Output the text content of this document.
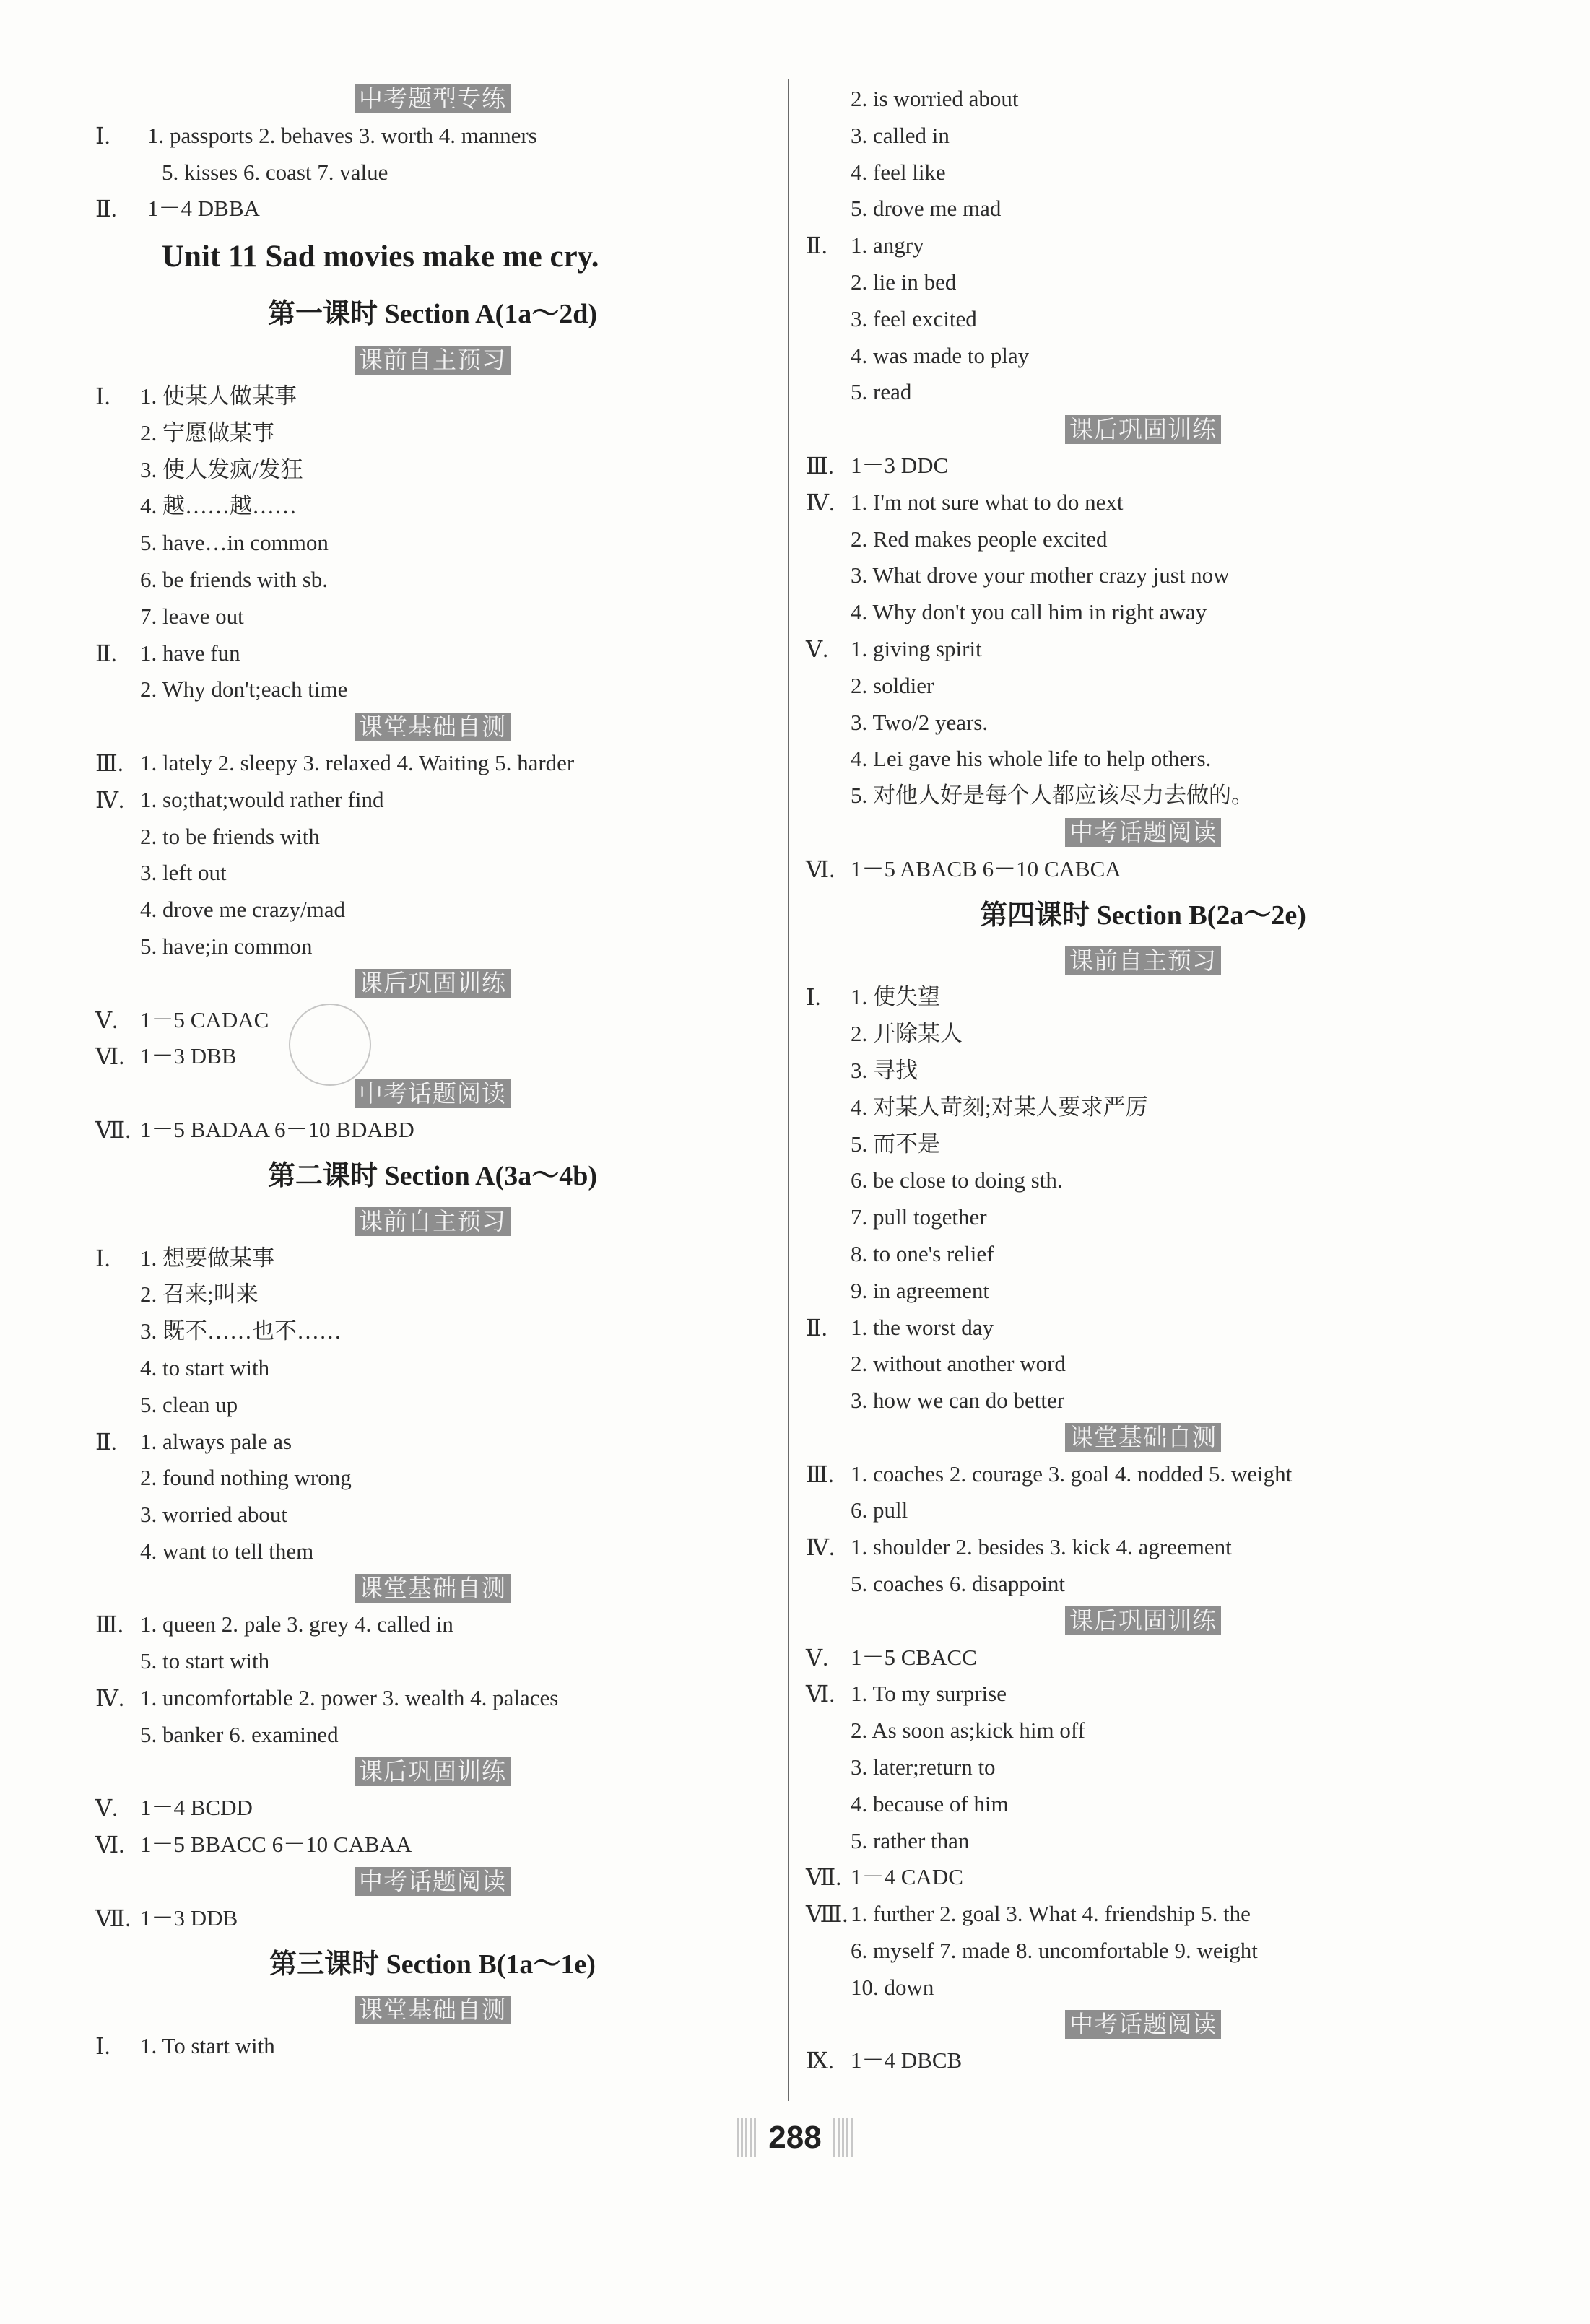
中考题型专练
Ⅰ. 1. passports 2. behaves 3. worth 4. manners
5. kisses 6. coast 7. value
Ⅱ. 1－4 DBBA
Unit 11 Sad movies make me cry.
第一课时 Section A(1a～2d)
课前自主预习
Ⅰ. 1. 使某人做某事
2. 宁愿做某事
3. 使人发疯/发狂
4. 越……越……
5. have…in common
6. be friends with sb.
7. leave out
Ⅱ. 1. have fun
2. Why don't;each time
课堂基础自测
Ⅲ. 1. lately 2. sleepy 3. relaxed 4. Waiting 5. harder
Ⅳ. 1. so;that;would rather find
2. to be friends with
3. left out
4. drove me crazy/mad
5. have;in common
课后巩固训练
Ⅴ. 1－5 CADAC
Ⅵ. 1－3 DBB
中考话题阅读
Ⅶ. 1－5 BADAA 6－10 BDABD
第二课时 Section A(3a～4b)
课前自主预习
Ⅰ. 1. 想要做某事
2. 召来;叫来
3. 既不……也不……
4. to start with
5. clean up
Ⅱ. 1. always pale as
2. found nothing wrong
3. worried about
4. want to tell them
课堂基础自测
Ⅲ. 1. queen 2. pale 3. grey 4. called in
5. to start with
Ⅳ. 1. uncomfortable 2. power 3. wealth 4. palaces
5. banker 6. examined
课后巩固训练
Ⅴ. 1－4 BCDD
Ⅵ. 1－5 BBACC 6－10 CABAA
中考话题阅读
Ⅶ. 1－3 DDB
第三课时 Section B(1a～1e)
课堂基础自测
Ⅰ. 1. To start with
2. is worried about
3. called in
4. feel like
5. drove me mad
Ⅱ. 1. angry
2. lie in bed
3. feel excited
4. was made to play
5. read
课后巩固训练
Ⅲ. 1－3 DDC
Ⅳ. 1. I'm not sure what to do next
2. Red makes people excited
3. What drove your mother crazy just now
4. Why don't you call him in right away
Ⅴ. 1. giving spirit
2. soldier
3. Two/2 years.
4. Lei gave his whole life to help others.
5. 对他人好是每个人都应该尽力去做的。
中考话题阅读
Ⅵ. 1－5 ABACB 6－10 CABCA
第四课时 Section B(2a～2e)
课前自主预习
Ⅰ. 1. 使失望
2. 开除某人
3. 寻找
4. 对某人苛刻;对某人要求严厉
5. 而不是
6. be close to doing sth.
7. pull together
8. to one's relief
9. in agreement
Ⅱ. 1. the worst day
2. without another word
3. how we can do better
课堂基础自测
Ⅲ. 1. coaches 2. courage 3. goal 4. nodded 5. weight
6. pull
Ⅳ. 1. shoulder 2. besides 3. kick 4. agreement
5. coaches 6. disappoint
课后巩固训练
Ⅴ. 1－5 CBACC
Ⅵ. 1. To my surprise
2. As soon as;kick him off
3. later;return to
4. because of him
5. rather than
Ⅶ. 1－4 CADC
Ⅷ. 1. further 2. goal 3. What 4. friendship 5. the
6. myself 7. made 8. uncomfortable 9. weight
10. down
中考话题阅读
Ⅸ. 1－4 DBCB
288
